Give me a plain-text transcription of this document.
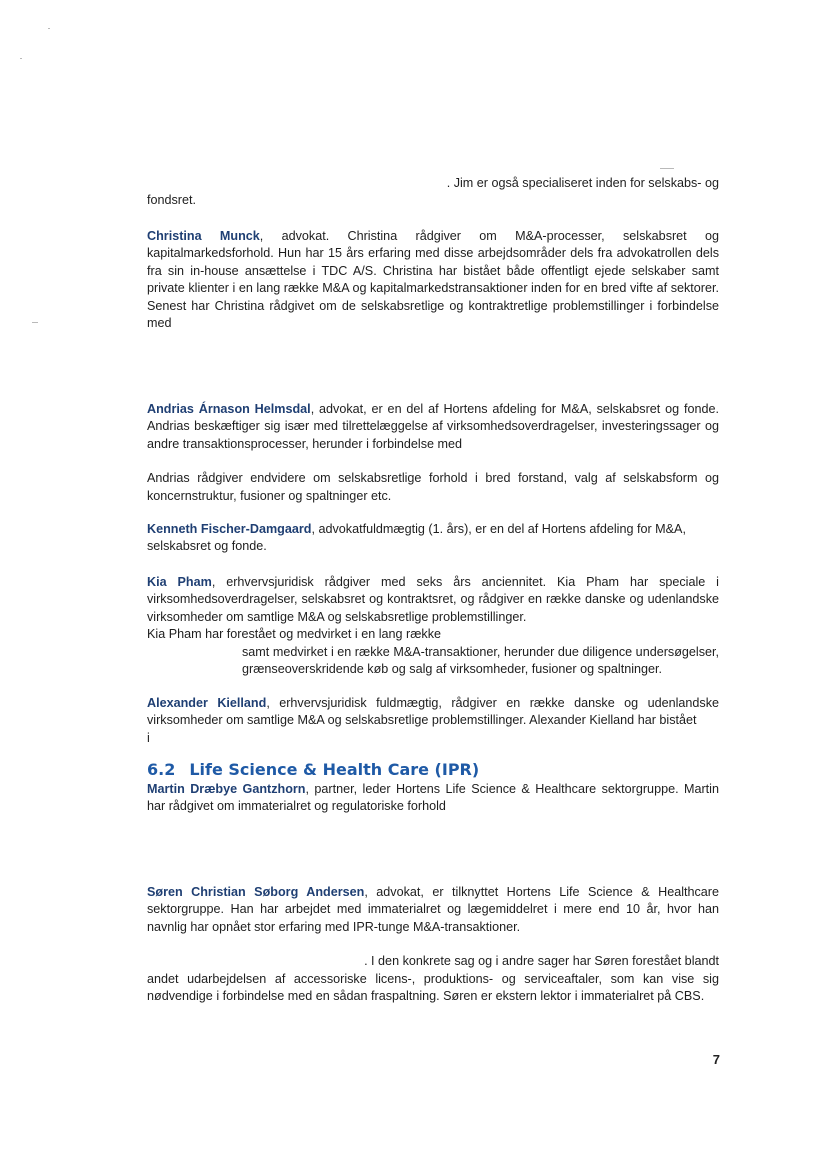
. Jim er også specialiseret inden for selskabs- og

fondsret.

Christina Munck, advokat. Christina rådgiver om M&A-processer, selskabsret og kapitalmarkedsforhold. Hun har 15 års erfaring med disse arbejdsområder dels fra advokatrollen dels fra sin in-house ansættelse i TDC A/S. Christina har bistået både offentligt ejede selskaber samt private klienter i en lang række M&A og kapitalmarkedstransaktioner inden for en bred vifte af sektorer. Senest har Christina rådgivet om de selskabsretlige og kontraktretlige problemstillinger i forbindelse med

Andrias Árnason Helmsdal, advokat, er en del af Hortens afdeling for M&A, selskabsret og fonde. Andrias beskæftiger sig især med tilrettelæggelse af virksomhedsoverdragelser, investeringssager og andre transaktionsprocesser, herunder i forbindelse med

Andrias rådgiver endvidere om selskabsretlige forhold i bred forstand, valg af selskabsform og koncernstruktur, fusioner og spaltninger etc.

Kenneth Fischer-Damgaard, advokatfuldmægtig (1. års), er en del af Hortens afdeling for M&A, selskabsret og fonde.

Kia Pham, erhvervsjuridisk rådgiver med seks års anciennitet. Kia Pham har speciale i virksomhedsoverdragelser, selskabsret og kontraktsret, og rådgiver en række danske og udenlandske virksomheder om samtlige M&A og selskabsretlige problemstillinger.

Kia Pham har forestået og medvirket i en lang række

samt medvirket i en række M&A-transaktioner, herunder due diligence undersøgelser, grænseoverskridende køb og salg af virksomheder, fusioner og spaltninger.

Alexander Kielland, erhvervsjuridisk fuldmægtig, rådgiver en række danske og udenlandske virksomheder om samtlige M&A og selskabsretlige problemstillinger. Alexander Kielland har bistået

i

6.2 Life Science & Health Care (IPR)

Martin Dræbye Gantzhorn, partner, leder Hortens Life Science & Healthcare sektorgruppe. Martin har rådgivet om immaterialret og regulatoriske forhold

Søren Christian Søborg Andersen, advokat, er tilknyttet Hortens Life Science & Healthcare sektorgruppe. Han har arbejdet med immaterialret og lægemiddelret i mere end 10 år, hvor han navnlig har opnået stor erfaring med IPR-tunge M&A-transaktioner.

. I den konkrete sag og i andre sager har Søren forestået blandt

andet udarbejdelsen af accessoriske licens-, produktions- og serviceaftaler, som kan vise sig nødvendige i forbindelse med en sådan fraspaltning. Søren er ekstern lektor i immaterialret på CBS.

7
